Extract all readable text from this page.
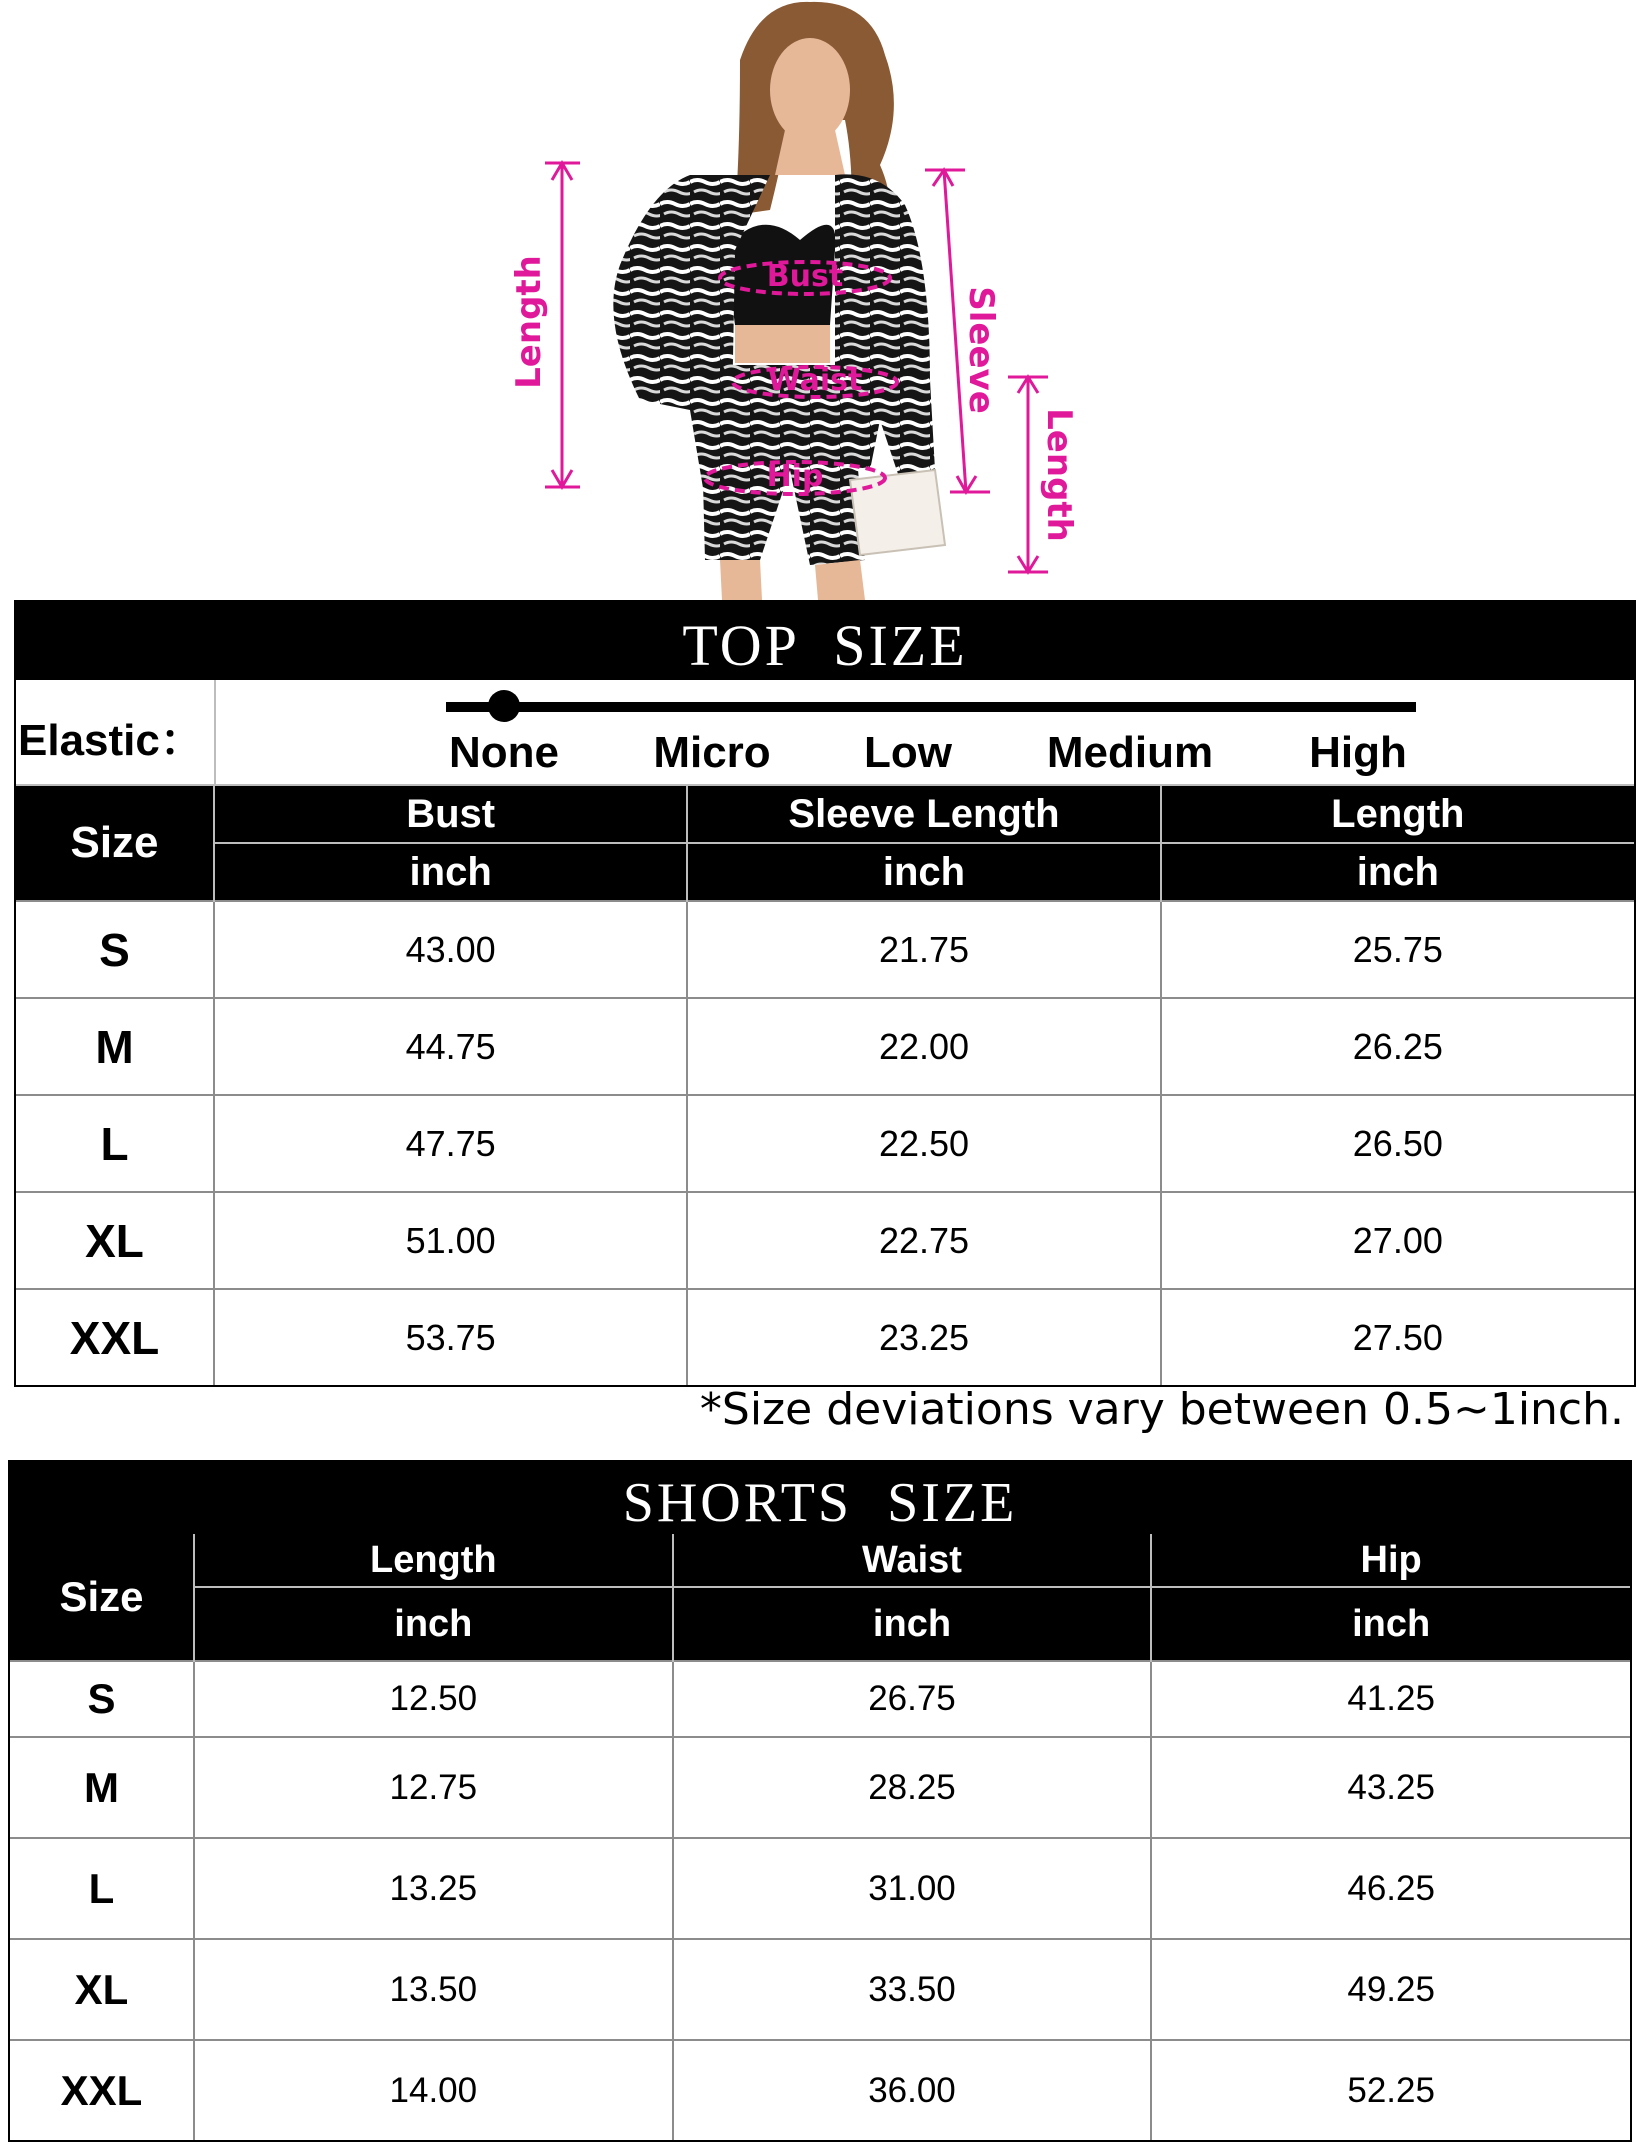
Bust
Waist
Hip
Length	Sleeve
Length
TOP SIZE
Elastic：	None Micro Low Medium High
Size	Bust	Sleeve Length	Length
	inch	inch	inch
S	43.00	21.75	25.75
M	44.75	22.00	26.25
L	47.75	22.50	26.50
XL	51.00	22.75	27.00
XXL	53.75	23.25	27.50
*Size deviations vary between 0.5~1inch.
SHORTS SIZE
Size	Length	Waist	Hip
	inch	inch	inch
S	12.50	26.75	41.25
M	12.75	28.25	43.25
L	13.25	31.00	46.25
XL	13.50	33.50	49.25
XXL	14.00	36.00	52.25
